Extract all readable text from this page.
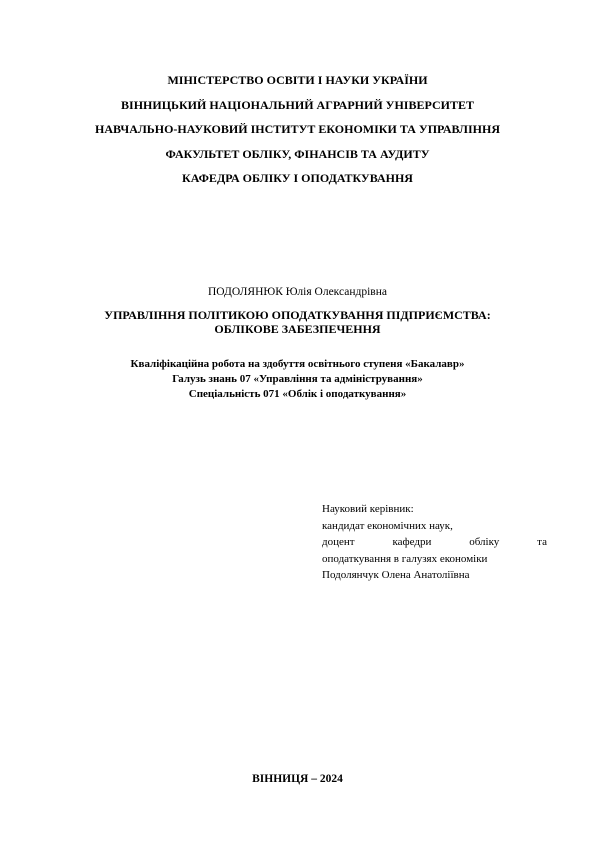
МІНІСТЕРСТВО ОСВІТИ І НАУКИ УКРАЇНИ
ВІННИЦЬКИЙ НАЦІОНАЛЬНИЙ АГРАРНИЙ УНІВЕРСИТЕТ
НАВЧАЛЬНО-НАУКОВИЙ ІНСТИТУТ ЕКОНОМІКИ ТА УПРАВЛІННЯ
ФАКУЛЬТЕТ ОБЛІКУ, ФІНАНСІВ ТА АУДИТУ
КАФЕДРА ОБЛІКУ І ОПОДАТКУВАННЯ
ПОДОЛЯНЮК Юлія Олександрівна
УПРАВЛІННЯ ПОЛІТИКОЮ ОПОДАТКУВАННЯ ПІДПРИЄМСТВА:
ОБЛІКОВЕ ЗАБЕЗПЕЧЕННЯ
Кваліфікаційна робота на здобуття освітнього ступеня «Бакалавр»
Галузь знань 07 «Управління та адміністрування»
Спеціальність 071 «Облік і оподаткування»
Науковий керівник:
кандидат економічних наук,
доцент	кафедри	обліку	та
оподаткування в галузях економіки
Подолянчук Олена Анатоліївна
ВІННИЦЯ – 2024
